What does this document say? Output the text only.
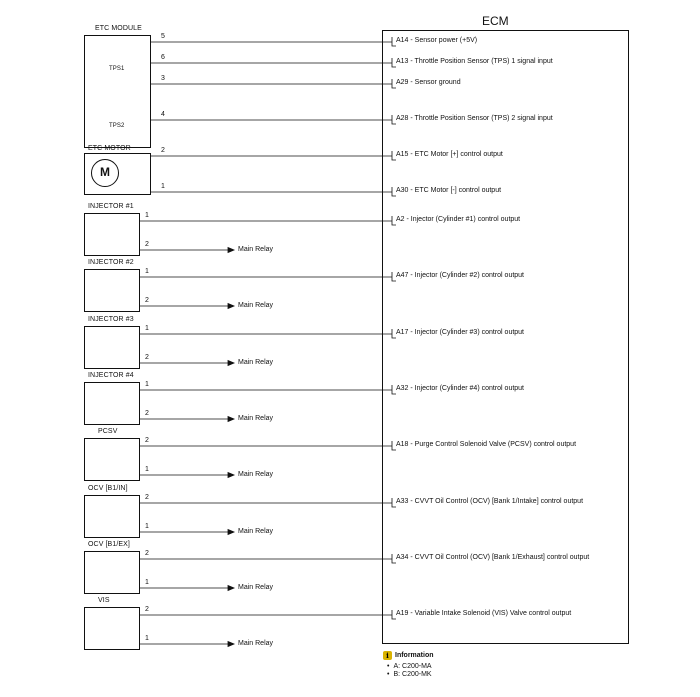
ECM
ETC MODULE
TPS1
TPS2
ETC MOTOR
M
5
A14 - Sensor power (+5V)
6
A13 - Throttle Position Sensor (TPS) 1 signal input
3
A29 - Sensor ground
4
A28 - Throttle Position Sensor (TPS) 2 signal input
2
A15 - ETC Motor [+] control output
1
A30 - ETC Motor [-] control output
INJECTOR #1
1
2
Main Relay
A2 - Injector (Cylinder #1) control output
INJECTOR #2
1
2
Main Relay
A47 - Injector (Cylinder #2) control output
INJECTOR #3
1
2
Main Relay
A17 - Injector (Cylinder #3) control output
INJECTOR #4
1
2
Main Relay
A32 - Injector (Cylinder #4) control output
PCSV
2
1
Main Relay
A18 - Purge Control Solenoid Valve (PCSV) control output
OCV [B1/IN]
2
1
Main Relay
A33 - CVVT Oil Control (OCV) [Bank 1/Intake] control output
OCV [B1/EX]
2
1
Main Relay
A34 - CVVT Oil Control (OCV) [Bank 1/Exhaust] control output
VIS
2
1
Main Relay
A19 - Variable Intake Solenoid (VIS) Valve control output
i Information
• A: C200-MA
• B: C200-MK
